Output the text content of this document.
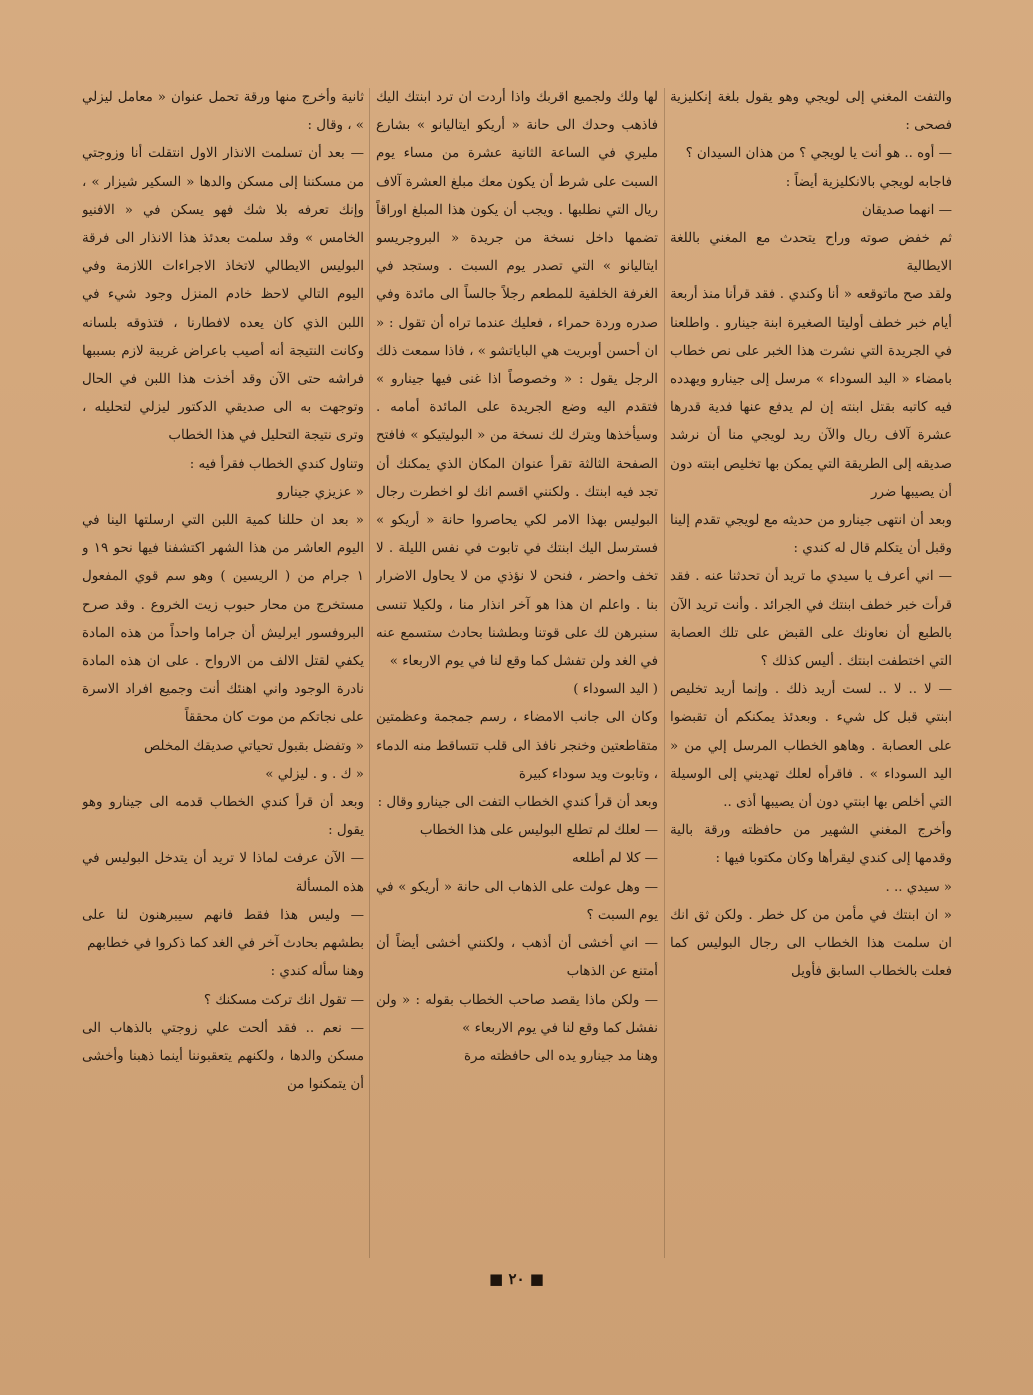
والتفت المغني إلى لويجي وهو يقول بلغة إنكليزية فصحى :

— أوه .. هو أنت يا لويجي ؟ من هذان السيدان ؟

فاجابه لويجي بالانكليزية أيضاً :

— انهما صديقان

ثم خفض صوته وراح يتحدث مع المغني باللغة الايطالية

ولقد صح ماتوقعه « أنا وكندي . فقد قرأنا منذ أربعة أيام خبر خطف أوليتا الصغيرة ابنة جينارو . واطلعنا في الجريدة التي نشرت هذا الخبر على نص خطاب بامضاء « اليد السوداء » مرسل إلى جينارو ويهدده فيه كاتبه بقتل ابنته إن لم يدفع عنها فدية قدرها عشرة آلاف ريال والآن ريد لويجي منا أن نرشد صديقه إلى الطريقة التي يمكن بها تخليص ابنته دون أن يصيبها ضرر

وبعد أن انتهى جينارو من حديثه مع لويجي تقدم إلينا وقبل أن يتكلم قال له كندي :

— اني أعرف يا سيدي ما تريد أن تحدثنا عنه . فقد قرأت خبر خطف ابنتك في الجرائد . وأنت تريد الآن بالطبع أن نعاونك على القبض على تلك العصابة التي اختطفت ابنتك . أليس كذلك ؟

— لا .. لا .. لست أريد ذلك . وإنما أريد تخليص ابنتي قبل كل شيء . وبعدئذ يمكنكم أن تقبضوا على العصابة . وهاهو الخطاب المرسل إلي من « اليد السوداء » . فاقرأه لعلك تهديني إلى الوسيلة التي أخلص بها ابنتي دون أن يصيبها أذى ..

وأخرج المغني الشهير من حافظته ورقة بالية وقدمها إلى كندي ليقرأها وكان مكتوبا فيها :

« سيدي .. .

« ان ابنتك في مأمن من كل خطر . ولكن ثق انك ان سلمت هذا الخطاب الى رجال البوليس كما فعلت بالخطاب السابق فأويل

لها ولك ولجميع اقربك واذا أردت ان ترد ابنتك اليك فاذهب وحدك الى حانة « أريكو ايتاليانو » بشارع مليري في الساعة الثانية عشرة من مساء يوم السبت على شرط أن يكون معك مبلغ العشرة آلاف ريال التي نطلبها . ويجب أن يكون هذا المبلغ اوراقاً تضمها داخل نسخة من جريدة « البروجريسو ايتاليانو » التي تصدر يوم السبت . وستجد في الغرفة الخلفية للمطعم رجلاً جالساً الى مائدة وفي صدره وردة حمراء ، فعليك عندما تراه أن تقول : « ان أحسن أوبريت هي الباياتشو » ، فاذا سمعت ذلك الرجل يقول : « وخصوصاً اذا غنى فيها جينارو » فتقدم اليه وضع الجريدة على المائدة أمامه . وسيأخذها ويترك لك نسخة من « البوليتيكو » فافتح الصفحة الثالثة تقرأ عنوان المكان الذي يمكنك أن تجد فيه ابنتك . ولكنني اقسم انك لو اخطرت رجال البوليس بهذا الامر لكي يحاصروا حانة « أريكو » فسترسل اليك ابنتك في تابوت في نفس الليلة . لا تخف واحضر ، فنحن لا نؤذي من لا يحاول الاضرار بنا . واعلم ان هذا هو آخر انذار منا ، ولكيلا تنسى سنبرهن لك على قوتنا وبطشنا بحادث ستسمع عنه في الغد ولن تفشل كما وقع لنا في يوم الاربعاء »

( اليد السوداء )

وكان الى جانب الامضاء ، رسم جمجمة وعظمتين متقاطعتين وخنجر نافذ الى قلب تتساقط منه الدماء ، وتابوت ويد سوداء كبيرة

وبعد أن قرأ كندي الخطاب التفت الى جينارو وقال :

— لعلك لم تطلع البوليس على هذا الخطاب

— كلا لم أطلعه

— وهل عولت على الذهاب الى حانة « أريكو » في يوم السبت ؟

— اني أخشى أن أذهب ، ولكنني أخشى أيضاً أن أمتنع عن الذهاب

— ولكن ماذا يقصد صاحب الخطاب بقوله : « ولن نفشل كما وقع لنا في يوم الاربعاء »

وهنا مد جينارو يده الى حافظته مرة

ثانية وأخرج منها ورقة تحمل عنوان « معامل ليزلي » ، وقال :

— بعد أن تسلمت الانذار الاول انتقلت أنا وزوجتي من مسكننا إلى مسكن والدها « السكير شيزار » ، وإنك تعرفه بلا شك فهو يسكن في « الافنيو الخامس » وقد سلمت بعدئذ هذا الانذار الى فرقة البوليس الايطالي لاتخاذ الاجراءات اللازمة وفي اليوم التالي لاحظ خادم المنزل وجود شيء في اللبن الذي كان يعده لافطارنا ، فتذوقه بلسانه وكانت النتيجة أنه أصيب باعراض غريبة لازم بسببها فراشه حتى الآن وقد أخذت هذا اللبن في الحال وتوجهت به الى صديقي الدكتور ليزلي لتحليله ، وترى نتيجة التحليل في هذا الخطاب

وتناول كندي الخطاب فقرأ فيه :

« عزيزي جينارو

« بعد ان حللنا كمية اللبن التي ارسلتها الينا في اليوم العاشر من هذا الشهر اكتشفنا فيها نحو ١٩ و ١ جرام من ( الريسين ) وهو سم قوي المفعول مستخرج من محار حبوب زيت الخروع . وقد صرح البروفسور ايرليش أن جراما واحداً من هذه المادة يكفي لقتل الالف من الارواح . على ان هذه المادة نادرة الوجود واني اهنئك أنت وجميع افراد الاسرة على نجاتكم من موت كان محققاً

« وتفضل بقبول تحياتي صديقك المخلص

« ك . و . ليزلي »

وبعد أن قرأ كندي الخطاب قدمه الى جينارو وهو يقول :

— الآن عرفت لماذا لا تريد أن يتدخل البوليس في هذه المسألة

— وليس هذا فقط فانهم سيبرهنون لنا على بطشهم بحادث آخر في الغد كما ذكروا في خطابهم

وهنا سأله كندي :

— تقول انك تركت مسكنك ؟

— نعم .. فقد ألحت علي زوجتي بالذهاب الى مسكن والدها ، ولكنهم يتعقبوننا أينما ذهبنا وأخشى أن يتمكنوا من

■ ٢٠ ■
